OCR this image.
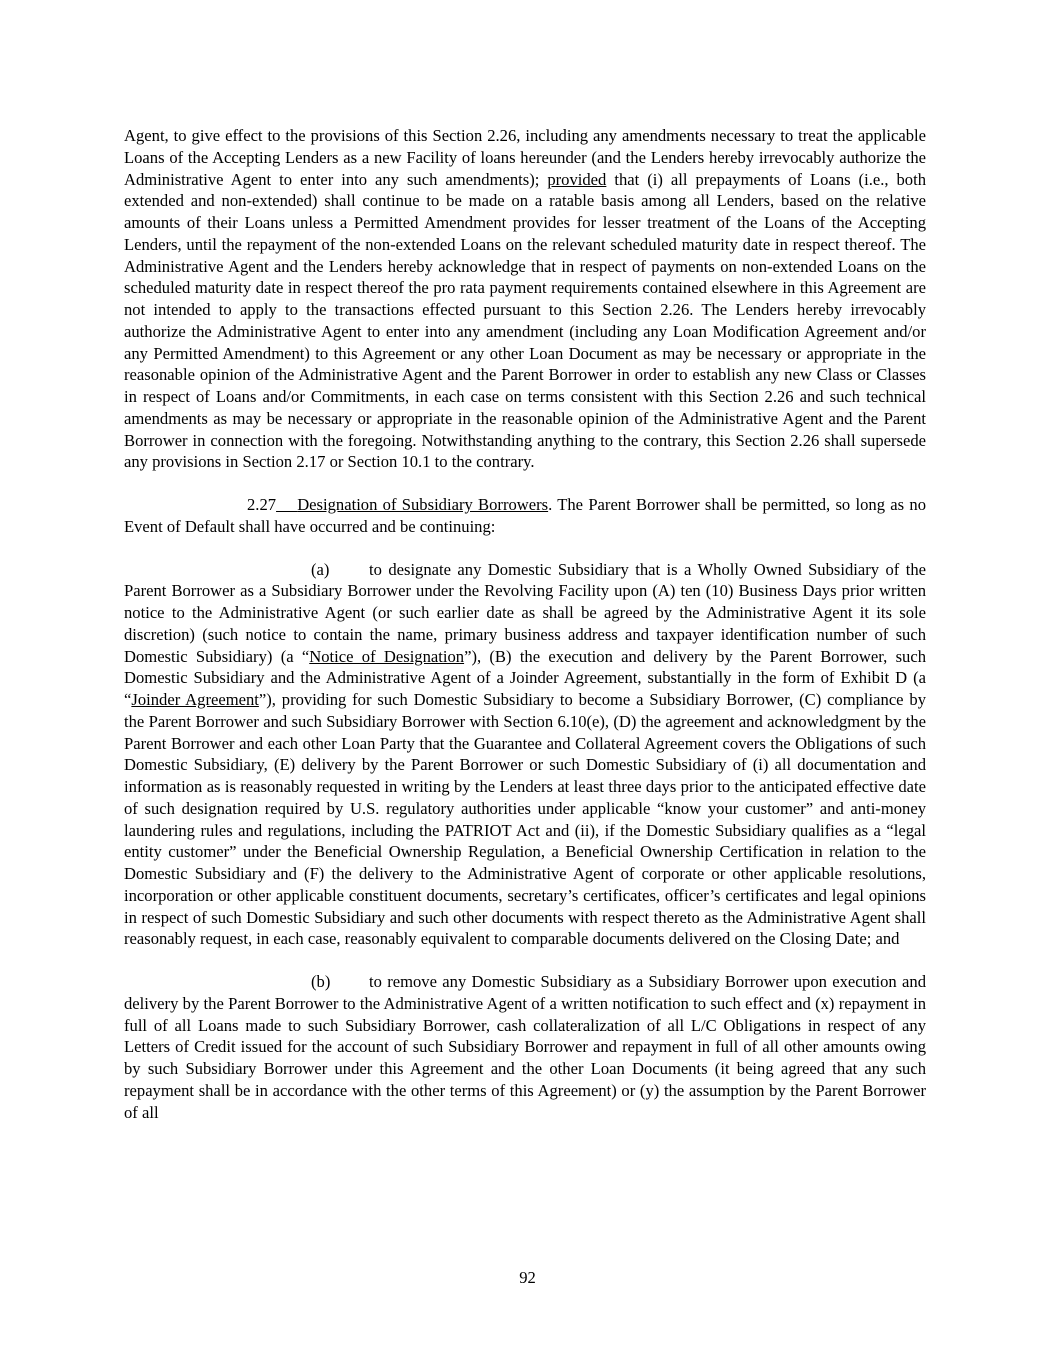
Agent, to give effect to the provisions of this Section 2.26, including any amendments necessary to treat the applicable Loans of the Accepting Lenders as a new Facility of loans hereunder (and the Lenders hereby irrevocably authorize the Administrative Agent to enter into any such amendments); provided that (i) all prepayments of Loans (i.e., both extended and non-extended) shall continue to be made on a ratable basis among all Lenders, based on the relative amounts of their Loans unless a Permitted Amendment provides for lesser treatment of the Loans of the Accepting Lenders, until the repayment of the non-extended Loans on the relevant scheduled maturity date in respect thereof. The Administrative Agent and the Lenders hereby acknowledge that in respect of payments on non-extended Loans on the scheduled maturity date in respect thereof the pro rata payment requirements contained elsewhere in this Agreement are not intended to apply to the transactions effected pursuant to this Section 2.26. The Lenders hereby irrevocably authorize the Administrative Agent to enter into any amendment (including any Loan Modification Agreement and/or any Permitted Amendment) to this Agreement or any other Loan Document as may be necessary or appropriate in the reasonable opinion of the Administrative Agent and the Parent Borrower in order to establish any new Class or Classes in respect of Loans and/or Commitments, in each case on terms consistent with this Section 2.26 and such technical amendments as may be necessary or appropriate in the reasonable opinion of the Administrative Agent and the Parent Borrower in connection with the foregoing. Notwithstanding anything to the contrary, this Section 2.26 shall supersede any provisions in Section 2.17 or Section 10.1 to the contrary.

2.27 Designation of Subsidiary Borrowers. The Parent Borrower shall be permitted, so long as no Event of Default shall have occurred and be continuing:

(a) to designate any Domestic Subsidiary that is a Wholly Owned Subsidiary of the Parent Borrower as a Subsidiary Borrower under the Revolving Facility upon (A) ten (10) Business Days prior written notice to the Administrative Agent (or such earlier date as shall be agreed by the Administrative Agent it its sole discretion) (such notice to contain the name, primary business address and taxpayer identification number of such Domestic Subsidiary) (a “Notice of Designation”), (B) the execution and delivery by the Parent Borrower, such Domestic Subsidiary and the Administrative Agent of a Joinder Agreement, substantially in the form of Exhibit D (a “Joinder Agreement”), providing for such Domestic Subsidiary to become a Subsidiary Borrower, (C) compliance by the Parent Borrower and such Subsidiary Borrower with Section 6.10(e), (D) the agreement and acknowledgment by the Parent Borrower and each other Loan Party that the Guarantee and Collateral Agreement covers the Obligations of such Domestic Subsidiary, (E) delivery by the Parent Borrower or such Domestic Subsidiary of (i) all documentation and information as is reasonably requested in writing by the Lenders at least three days prior to the anticipated effective date of such designation required by U.S. regulatory authorities under applicable “know your customer” and anti-money laundering rules and regulations, including the PATRIOT Act and (ii), if the Domestic Subsidiary qualifies as a “legal entity customer” under the Beneficial Ownership Regulation, a Beneficial Ownership Certification in relation to the Domestic Subsidiary and (F) the delivery to the Administrative Agent of corporate or other applicable resolutions, incorporation or other applicable constituent documents, secretary’s certificates, officer’s certificates and legal opinions in respect of such Domestic Subsidiary and such other documents with respect thereto as the Administrative Agent shall reasonably request, in each case, reasonably equivalent to comparable documents delivered on the Closing Date; and

(b) to remove any Domestic Subsidiary as a Subsidiary Borrower upon execution and delivery by the Parent Borrower to the Administrative Agent of a written notification to such effect and (x) repayment in full of all Loans made to such Subsidiary Borrower, cash collateralization of all L/C Obligations in respect of any Letters of Credit issued for the account of such Subsidiary Borrower and repayment in full of all other amounts owing by such Subsidiary Borrower under this Agreement and the other Loan Documents (it being agreed that any such repayment shall be in accordance with the other terms of this Agreement) or (y) the assumption by the Parent Borrower of all

92
